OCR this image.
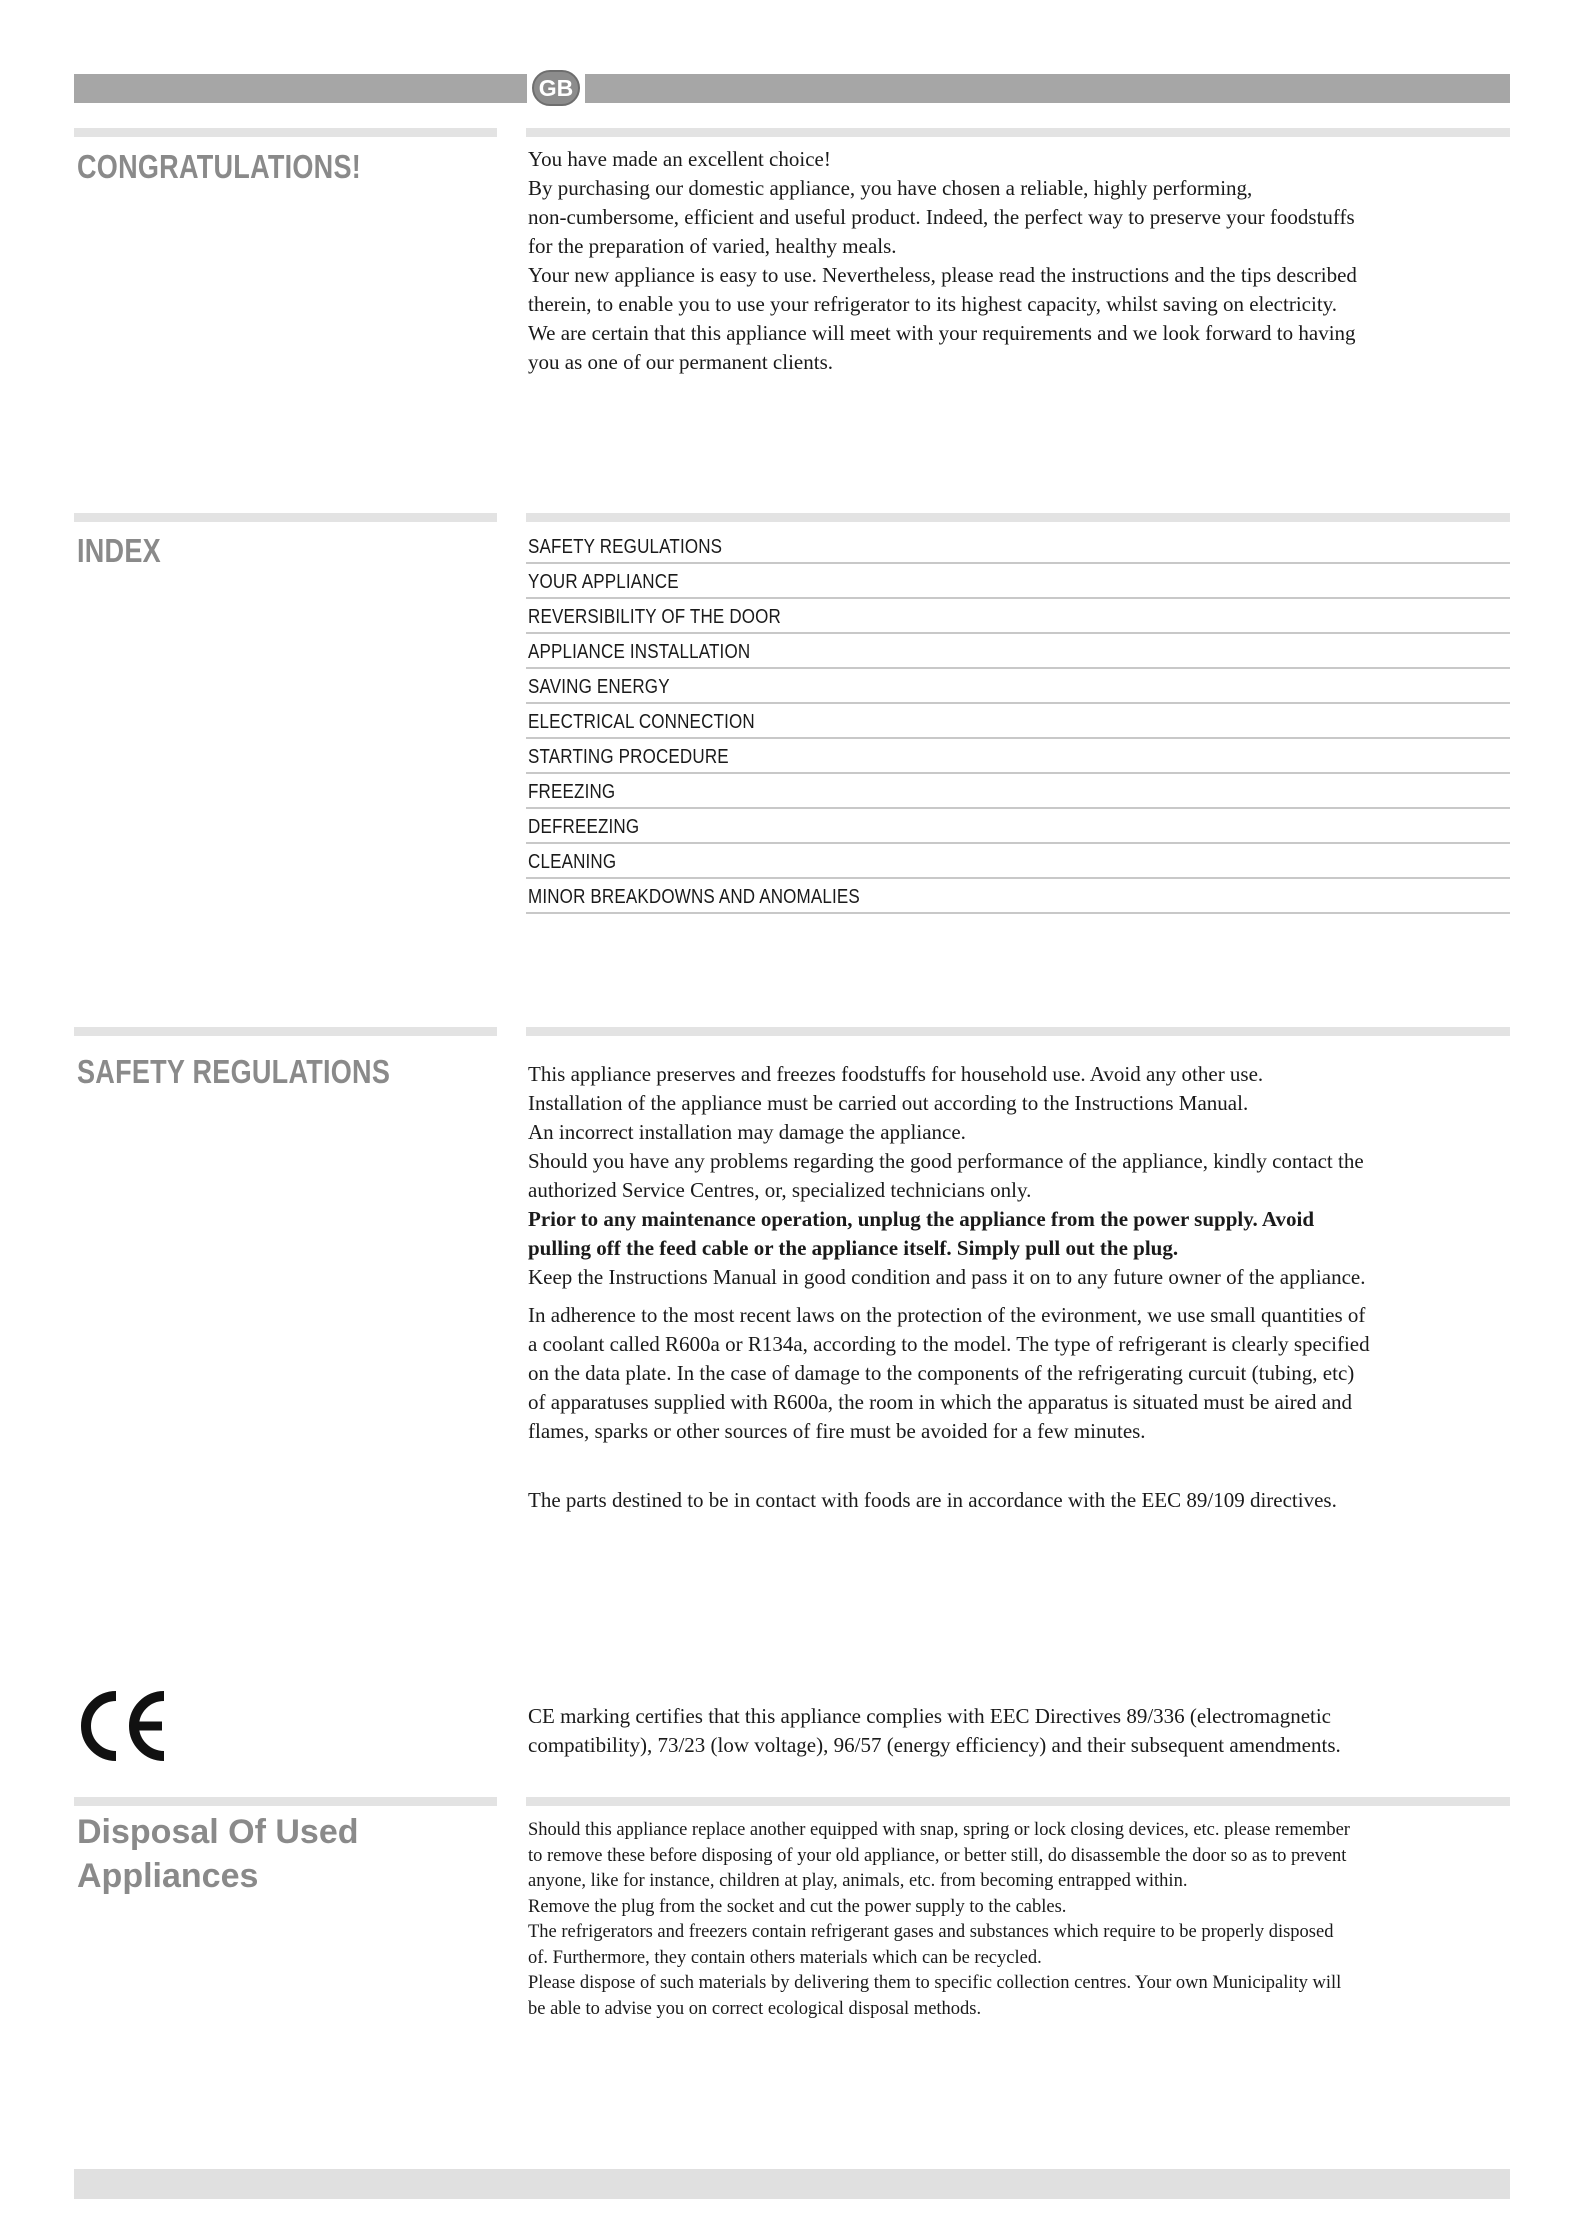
GB
CONGRATULATIONS!	You have made an excellent choice!

By purchasing our domestic appliance, you have chosen a reliable, highly performing,

non-cumbersome, efficient and useful product. Indeed, the perfect way to preserve your foodstuffs

for the preparation of varied, healthy meals.

Your new appliance is easy to use. Nevertheless, please read the instructions and the tips described

therein, to enable you to use your refrigerator to its highest capacity, whilst saving on electricity.

We are certain that this appliance will meet with your requirements and we look forward to having

you as one of our permanent clients.

INDEX	SAFETY REGULATIONS
YOUR APPLIANCE
REVERSIBILITY OF THE DOOR
APPLIANCE INSTALLATION
SAVING ENERGY
ELECTRICAL CONNECTION
STARTING PROCEDURE
FREEZING
DEFREEZING
CLEANING
MINOR BREAKDOWNS AND ANOMALIES
SAFETY REGULATIONS	This appliance preserves and freezes foodstuffs for household use. Avoid any other use.

Installation of the appliance must be carried out according to the Instructions Manual.

An incorrect installation may damage the appliance.

Should you have any problems regarding the good performance of the appliance, kindly contact the

authorized Service Centres, or, specialized technicians only.

Prior to any maintenance operation, unplug the appliance from the power supply. Avoid

pulling off the feed cable or the appliance itself. Simply pull out the plug.

Keep the Instructions Manual in good condition and pass it on to any future owner of the appliance.

In adherence to the most recent laws on the protection of the evironment, we use small quantities of

a coolant called R600a or R134a, according to the model. The type of refrigerant is clearly specified

on the data plate. In the case of damage to the components of the refrigerating curcuit (tubing, etc)

of apparatuses supplied with R600a, the room in which the apparatus is situated must be aired and

flames, sparks or other sources of fire must be avoided for a few minutes.

The parts destined to be in contact with foods are in accordance with the EEC 89/109 directives.

CE marking certifies that this appliance complies with EEC Directives 89/336 (electromagnetic

compatibility), 73/23 (low voltage), 96/57 (energy efficiency) and their subsequent amendments.

Disposal Of Used Appliances

Should this appliance replace another equipped with snap, spring or lock closing devices, etc. please remember

to remove these before disposing of your old appliance, or better still, do disassemble the door so as to prevent

anyone, like for instance, children at play, animals, etc. from becoming entrapped within.

Remove the plug from the socket and cut the power supply to the cables.

The refrigerators and freezers contain refrigerant gases and substances which require to be properly disposed

of. Furthermore, they contain others materials which can be recycled.

Please dispose of such materials by delivering them to specific collection centres. Your own Municipality will

be able to advise you on correct ecological disposal methods.
